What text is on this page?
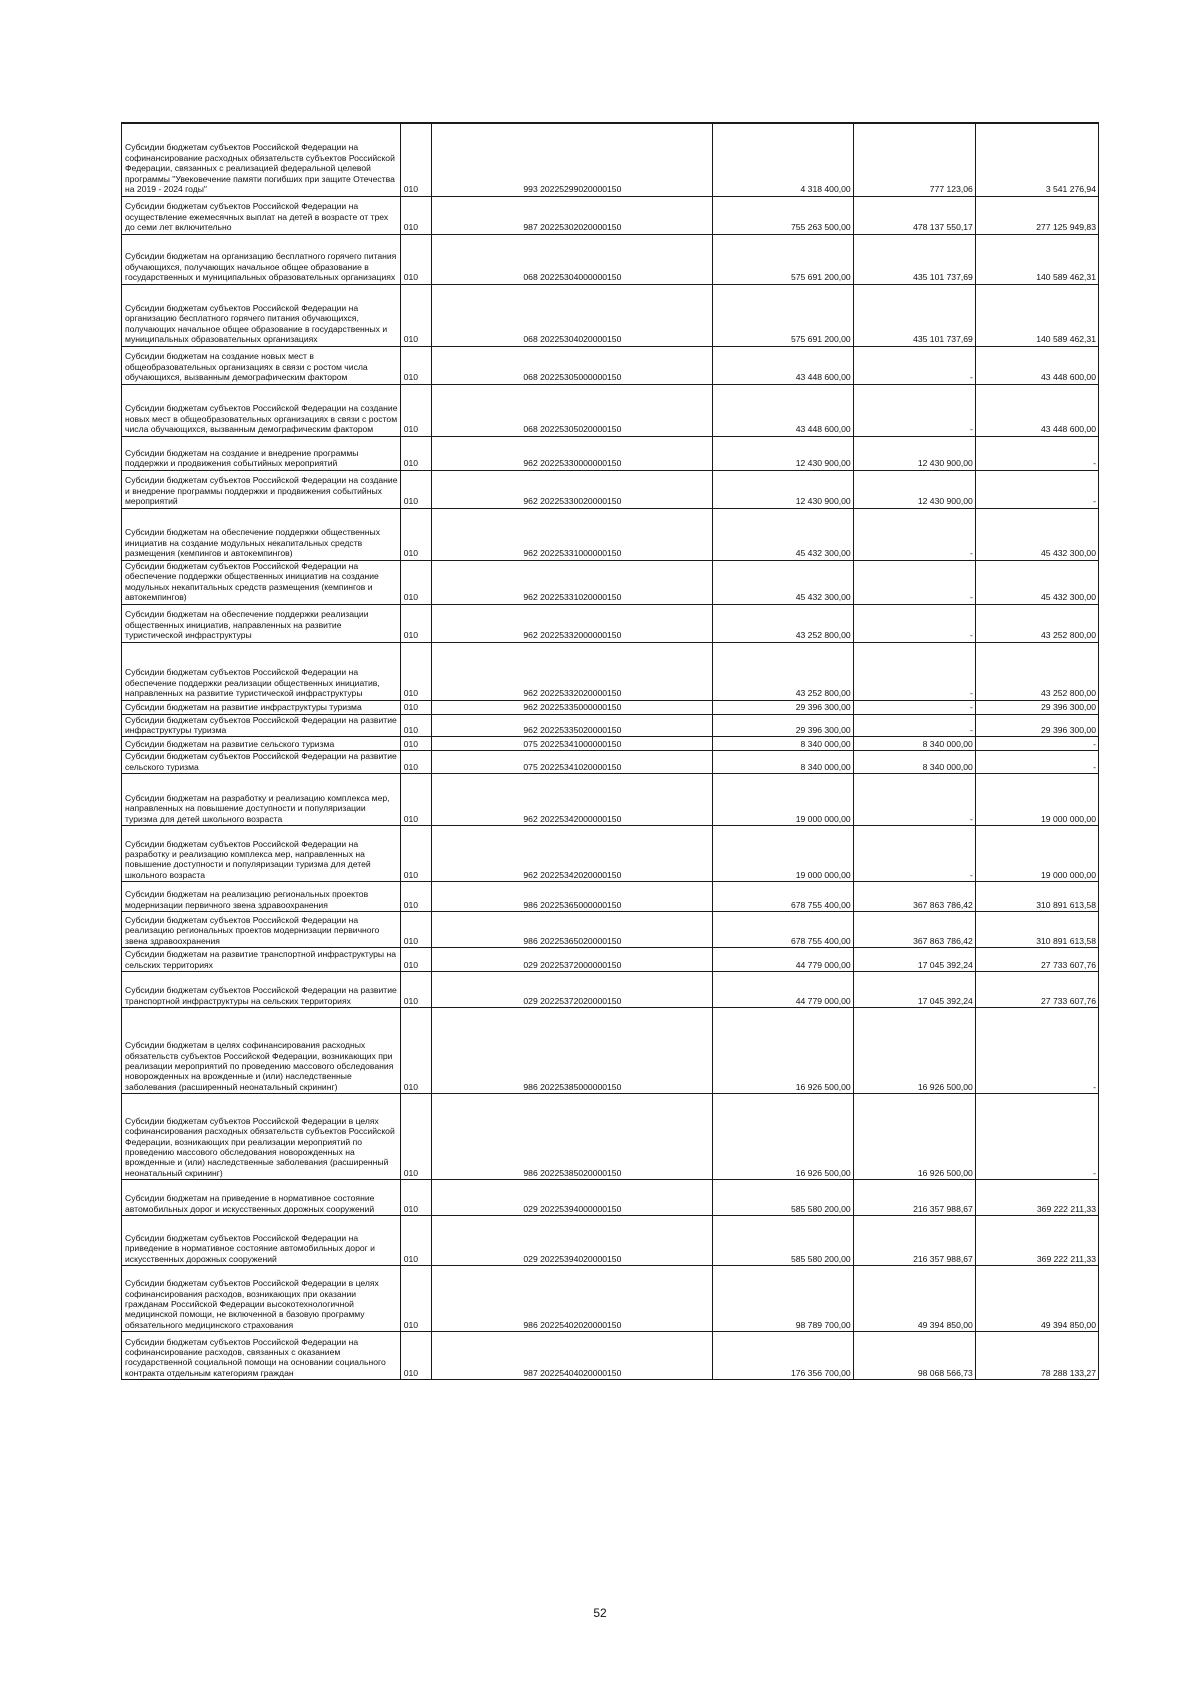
Субсидии бюджетам субъектов Российской Федерации на софинансирование расходных обязательств субъектов Российской Федерации, связанных с реализацией федеральной целевой программы "Увековечение памяти погибших при защите Отечества на 2019 - 2024 годы"	010	993 20225299020000150	4 318 400,00	777 123,06	3 541 276,94
Субсидии бюджетам субъектов Российской Федерации на осуществление ежемесячных выплат на детей в возрасте от трех до семи лет включительно	010	987 20225302020000150	755 263 500,00	478 137 550,17	277 125 949,83
Субсидии бюджетам на организацию бесплатного горячего питания обучающихся, получающих начальное общее образование в государственных и муниципальных образовательных организациях	010	068 20225304000000150	575 691 200,00	435 101 737,69	140 589 462,31
Субсидии бюджетам субъектов Российской Федерации на организацию бесплатного горячего питания обучающихся, получающих начальное общее образование в государственных и муниципальных образовательных организациях	010	068 20225304020000150	575 691 200,00	435 101 737,69	140 589 462,31
Субсидии бюджетам на создание новых мест в общеобразовательных организациях в связи с ростом числа обучающихся, вызванным демографическим фактором	010	068 20225305000000150	43 448 600,00	-	43 448 600,00
Субсидии бюджетам субъектов Российской Федерации на создание новых мест в общеобразовательных организациях в связи с ростом числа обучающихся, вызванным демографическим фактором	010	068 20225305020000150	43 448 600,00	-	43 448 600,00
Субсидии бюджетам на создание и внедрение программы поддержки и продвижения событийных мероприятий	010	962 20225330000000150	12 430 900,00	12 430 900,00	-
Субсидии бюджетам субъектов Российской Федерации на создание и внедрение программы поддержки и продвижения событийных мероприятий	010	962 20225330020000150	12 430 900,00	12 430 900,00	-
Субсидии бюджетам на обеспечение поддержки общественных инициатив на создание модульных некапитальных средств размещения (кемпингов и автокемпингов)	010	962 20225331000000150	45 432 300,00	-	45 432 300,00
Субсидии бюджетам субъектов Российской Федерации на обеспечение поддержки общественных инициатив на создание модульных некапитальных средств размещения (кемпингов и автокемпингов)	010	962 20225331020000150	45 432 300,00	-	45 432 300,00
Субсидии бюджетам на обеспечение поддержки реализации общественных инициатив, направленных на развитие туристической инфраструктуры	010	962 20225332000000150	43 252 800,00	-	43 252 800,00
Субсидии бюджетам субъектов Российской Федерации на обеспечение поддержки реализации общественных инициатив, направленных на развитие туристической инфраструктуры	010	962 20225332020000150	43 252 800,00	-	43 252 800,00
Субсидии бюджетам на развитие инфраструктуры туризма	010	962 20225335000000150	29 396 300,00	-	29 396 300,00
Субсидии бюджетам субъектов Российской Федерации на развитие инфраструктуры туризма	010	962 20225335020000150	29 396 300,00	-	29 396 300,00
Субсидии бюджетам на развитие сельского туризма	010	075 20225341000000150	8 340 000,00	8 340 000,00	-
Субсидии бюджетам субъектов Российской Федерации на развитие сельского туризма	010	075 20225341020000150	8 340 000,00	8 340 000,00	-
Субсидии бюджетам на разработку и реализацию комплекса мер, направленных на повышение доступности и популяризации туризма для детей школьного возраста	010	962 20225342000000150	19 000 000,00	-	19 000 000,00
Субсидии бюджетам субъектов Российской Федерации на разработку и реализацию комплекса мер, направленных на повышение доступности и популяризации туризма для детей школьного возраста	010	962 20225342020000150	19 000 000,00	-	19 000 000,00
Субсидии бюджетам на реализацию региональных проектов модернизации первичного звена здравоохранения	010	986 20225365000000150	678 755 400,00	367 863 786,42	310 891 613,58
Субсидии бюджетам субъектов Российской Федерации на реализацию региональных проектов модернизации первичного звена здравоохранения	010	986 20225365020000150	678 755 400,00	367 863 786,42	310 891 613,58
Субсидии бюджетам на развитие транспортной инфраструктуры на сельских территориях	010	029 20225372000000150	44 779 000,00	17 045 392,24	27 733 607,76
Субсидии бюджетам субъектов Российской Федерации на развитие транспортной инфраструктуры на сельских территориях	010	029 20225372020000150	44 779 000,00	17 045 392,24	27 733 607,76
Субсидии бюджетам в целях софинансирования расходных обязательств субъектов Российской Федерации, возникающих при реализации мероприятий по проведению массового обследования новорожденных на врожденные и (или) наследственные заболевания (расширенный неонатальный скрининг)	010	986 20225385000000150	16 926 500,00	16 926 500,00	-
Субсидии бюджетам субъектов Российской Федерации в целях софинансирования расходных обязательств субъектов Российской Федерации, возникающих при реализации мероприятий по проведению массового обследования новорожденных на врожденные и (или) наследственные заболевания (расширенный неонатальный скрининг)	010	986 20225385020000150	16 926 500,00	16 926 500,00	-
Субсидии бюджетам на приведение в нормативное состояние автомобильных дорог и искусственных дорожных сооружений	010	029 20225394000000150	585 580 200,00	216 357 988,67	369 222 211,33
Субсидии бюджетам субъектов Российской Федерации на приведение в нормативное состояние автомобильных дорог и искусственных дорожных сооружений	010	029 20225394020000150	585 580 200,00	216 357 988,67	369 222 211,33
Субсидии бюджетам субъектов Российской Федерации в целях софинансирования расходов, возникающих при оказании гражданам Российской Федерации высокотехнологичной медицинской помощи, не включенной в базовую программу обязательного медицинского страхования	010	986 20225402020000150	98 789 700,00	49 394 850,00	49 394 850,00
Субсидии бюджетам субъектов Российской Федерации на софинансирование расходов, связанных с оказанием государственной социальной помощи на основании социального контракта отдельным категориям граждан	010	987 20225404020000150	176 356 700,00	98 068 566,73	78 288 133,27
52
